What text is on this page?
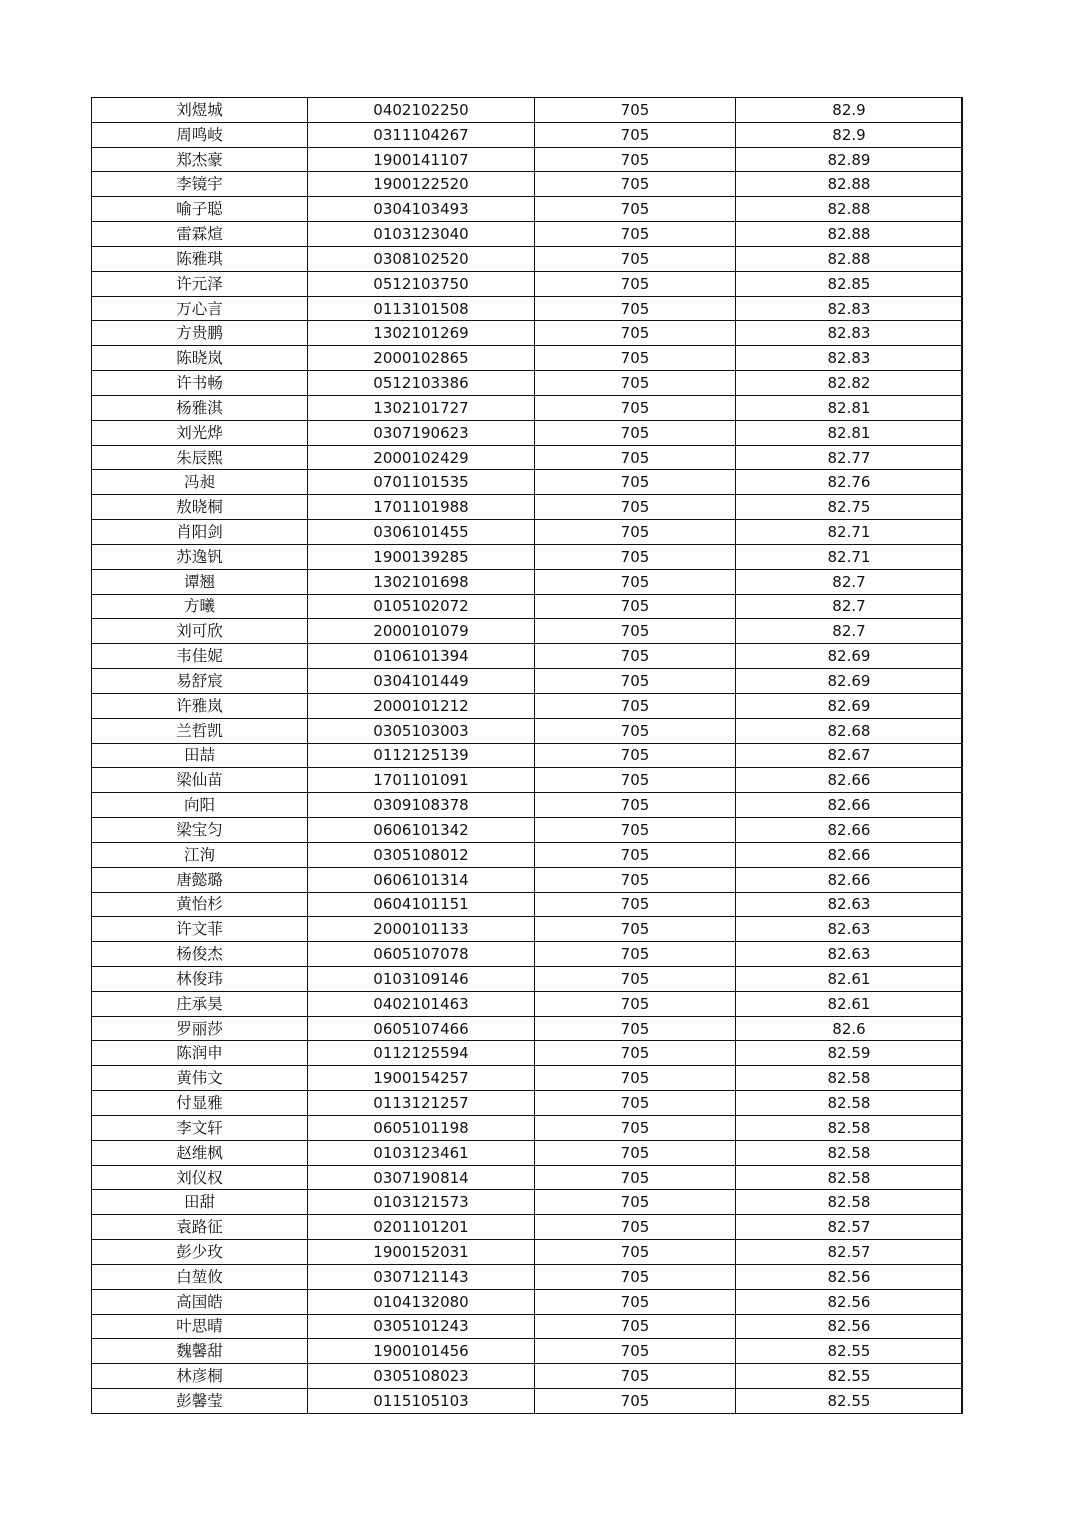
刘煜城	0402102250	705	82.9
周鸣岐	0311104267	705	82.9
郑杰豪	1900141107	705	82.89
李镜宇	1900122520	705	82.88
喻子聪	0304103493	705	82.88
雷霖煊	0103123040	705	82.88
陈雅琪	0308102520	705	82.88
许元泽	0512103750	705	82.85
万心言	0113101508	705	82.83
方贵鹏	1302101269	705	82.83
陈晓岚	2000102865	705	82.83
许书畅	0512103386	705	82.82
杨雅淇	1302101727	705	82.81
刘光烨	0307190623	705	82.81
朱辰熙	2000102429	705	82.77
冯昶	0701101535	705	82.76
敖晓桐	1701101988	705	82.75
肖阳剑	0306101455	705	82.71
苏逸钒	1900139285	705	82.71
谭翘	1302101698	705	82.7
方曦	0105102072	705	82.7
刘可欣	2000101079	705	82.7
韦佳妮	0106101394	705	82.69
易舒宸	0304101449	705	82.69
许雅岚	2000101212	705	82.69
兰哲凯	0305103003	705	82.68
田喆	0112125139	705	82.67
梁仙苗	1701101091	705	82.66
向阳	0309108378	705	82.66
梁宝匀	0606101342	705	82.66
江洵	0305108012	705	82.66
唐懿璐	0606101314	705	82.66
黄怡杉	0604101151	705	82.63
许文菲	2000101133	705	82.63
杨俊杰	0605107078	705	82.63
林俊玮	0103109146	705	82.61
庄承昊	0402101463	705	82.61
罗丽莎	0605107466	705	82.6
陈润申	0112125594	705	82.59
黄伟文	1900154257	705	82.58
付显雅	0113121257	705	82.58
李文轩	0605101198	705	82.58
赵维枫	0103123461	705	82.58
刘仪权	0307190814	705	82.58
田甜	0103121573	705	82.58
袁路征	0201101201	705	82.57
彭少玫	1900152031	705	82.57
白堃攸	0307121143	705	82.56
高国皓	0104132080	705	82.56
叶思晴	0305101243	705	82.56
魏馨甜	1900101456	705	82.55
林彦桐	0305108023	705	82.55
彭馨莹	0115105103	705	82.55
